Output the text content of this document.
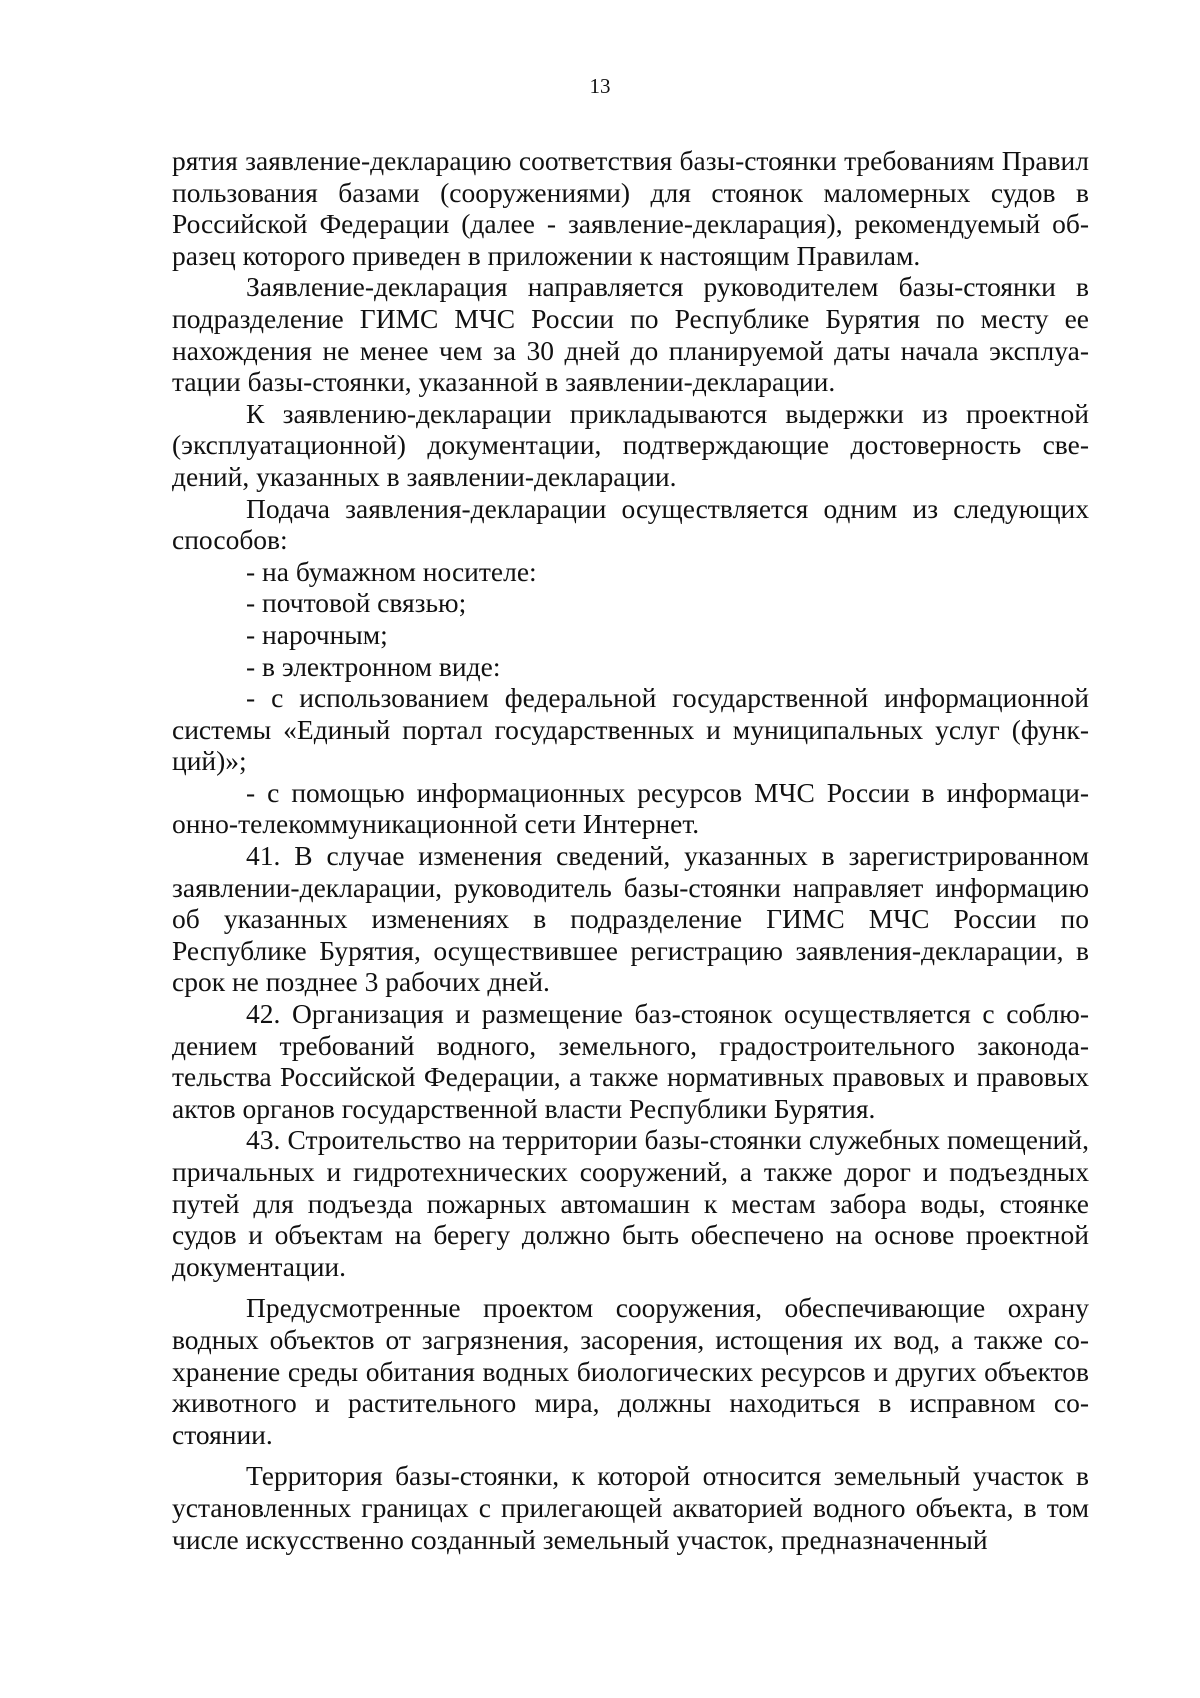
13

рятия заявление-декларацию соответствия базы-стоянки требованиям Правил пользования базами (сооружениями) для стоянок маломерных судов в Российской Федерации (далее - заявление-декларация), рекомендуемый образец которого приведен в приложении к настоящим Правилам.

Заявление-декларация направляется руководителем базы-стоянки в подразделение ГИМС МЧС России по Республике Бурятия по месту ее нахождения не менее чем за 30 дней до планируемой даты начала эксплуатации базы-стоянки, указанной в заявлении-декларации.

К заявлению-декларации прикладываются выдержки из проектной (эксплуатационной) документации, подтверждающие достоверность сведений, указанных в заявлении-декларации.

Подача заявления-декларации осуществляется одним из следующих способов:

- на бумажном носителе:

- почтовой связью;

- нарочным;

- в электронном виде:

- с использованием федеральной государственной информационной системы «Единый портал государственных и муниципальных услуг (функций)»;

- с помощью информационных ресурсов МЧС России в информационно-телекоммуникационной сети Интернет.

41. В случае изменения сведений, указанных в зарегистрированном заявлении-декларации, руководитель базы-стоянки направляет информацию об указанных изменениях в подразделение ГИМС МЧС России по Республике Бурятия, осуществившее регистрацию заявления-декларации, в срок не позднее 3 рабочих дней.

42. Организация и размещение баз-стоянок осуществляется с соблюдением требований водного, земельного, градостроительного законодательства Российской Федерации, а также нормативных правовых и правовых актов органов государственной власти Республики Бурятия.

43. Строительство на территории базы-стоянки служебных помещений, причальных и гидротехнических сооружений, а также дорог и подъездных путей для подъезда пожарных автомашин к местам забора воды, стоянке судов и объектам на берегу должно быть обеспечено на основе проектной документации.

Предусмотренные проектом сооружения, обеспечивающие охрану водных объектов от загрязнения, засорения, истощения их вод, а также сохранение среды обитания водных биологических ресурсов и других объектов животного и растительного мира, должны находиться в исправном состоянии.

Территория базы-стоянки, к которой относится земельный участок в установленных границах с прилегающей акваторией водного объекта, в том числе искусственно созданный земельный участок, предназначенный
